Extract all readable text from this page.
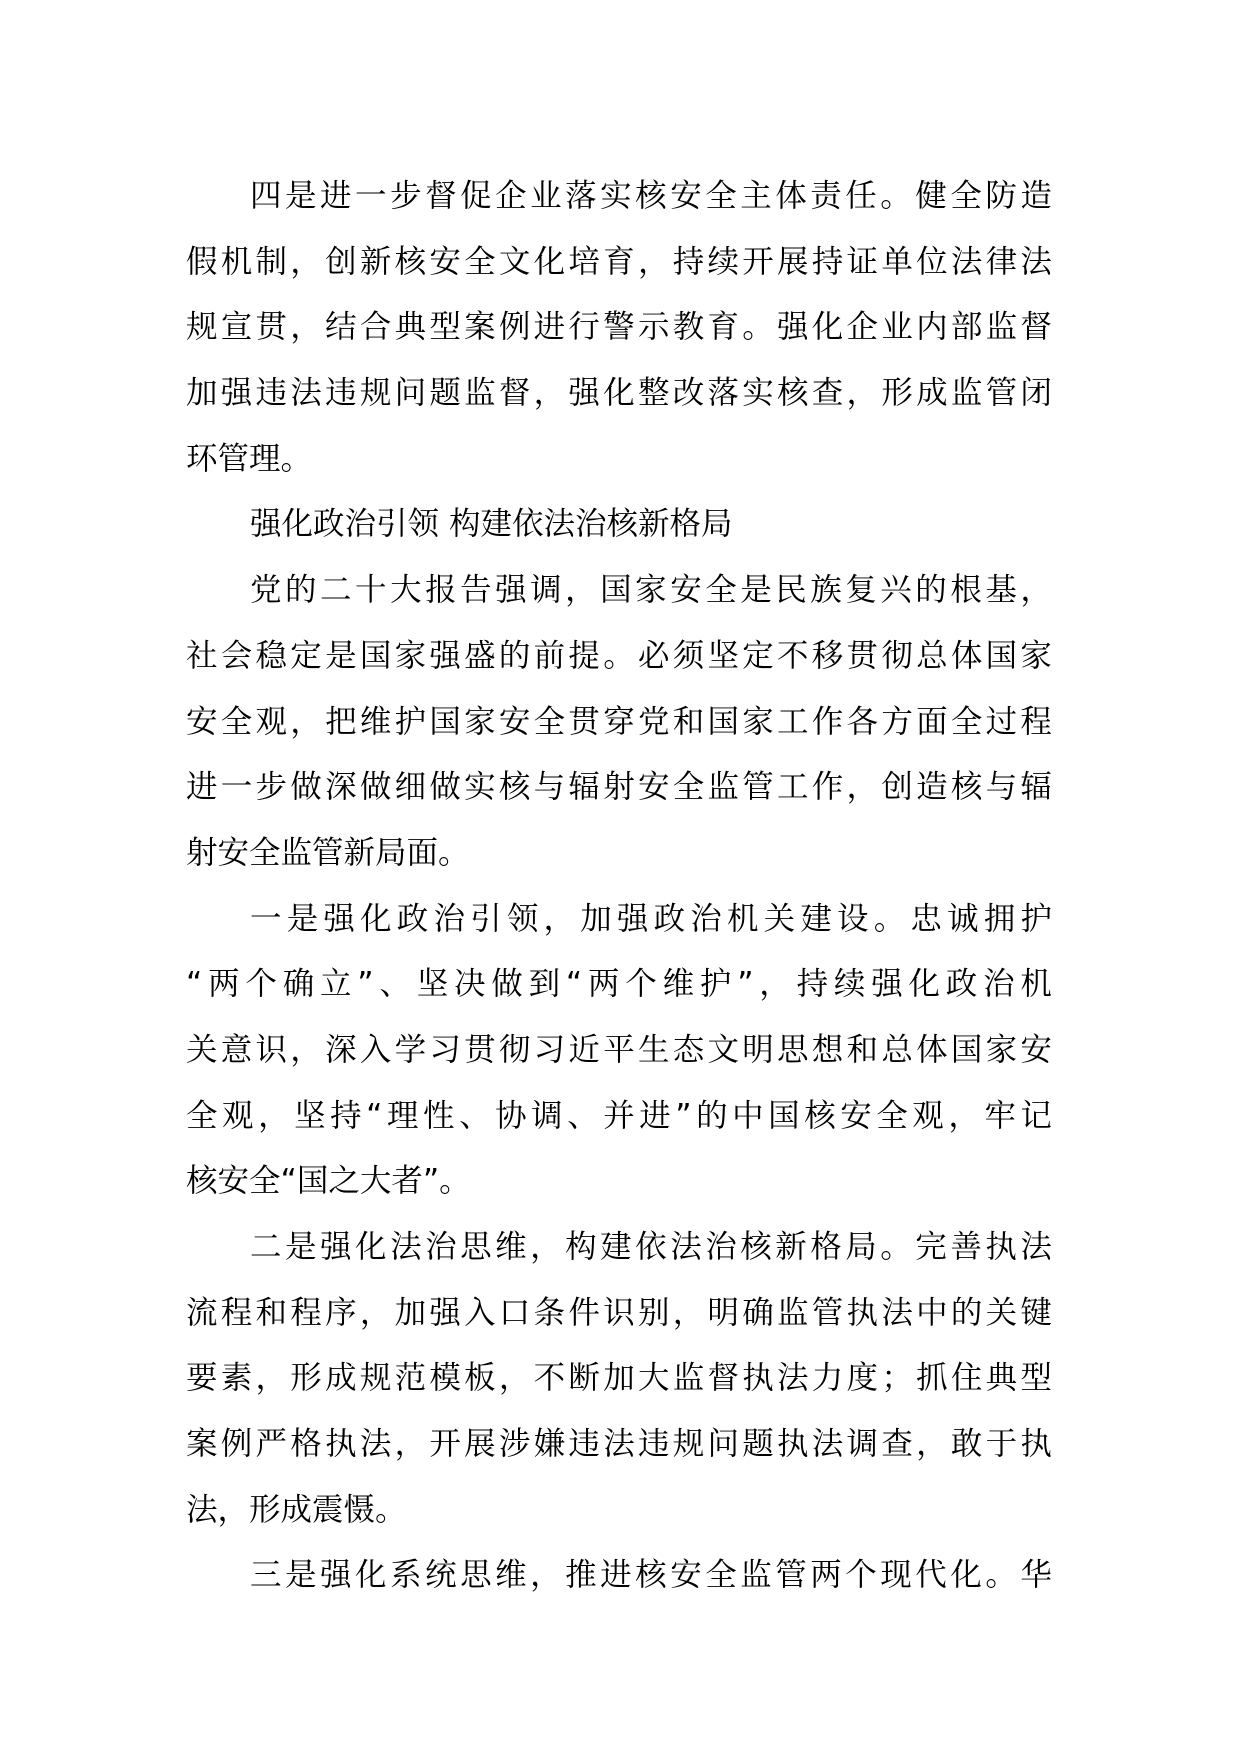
四 是 进 一 步 督 促 企 业 落 实 核 安 全 主 体 责 任 。 健 全 防 造
假 机 制 ， 创 新 核 安 全 文 化 培 育 ， 持 续 开 展 持 证 单 位 法 律 法
规 宣 贯 ， 结 合 典 型 案 例 进 行 警 示 教 育 。 强 化 企 业 内 部 监 督
加 强 违 法 违 规 问 题 监 督 ， 强 化 整 改 落 实 核 查 ， 形 成 监 管 闭
环管理。
强化政治引领 构建依法治核新格局
党 的 二 十 大 报 告 强 调 ， 国 家 安 全 是 民 族 复 兴 的 根 基 ，
社 会 稳 定 是 国 家 强 盛 的 前 提 。 必 须 坚 定 不 移 贯 彻 总 体 国 家
安 全 观 ， 把 维 护 国 家 安 全 贯 穿 党 和 国 家 工 作 各 方 面 全 过 程
进 一 步 做 深 做 细 做 实 核 与 辐 射 安 全 监 管 工 作 ， 创 造 核 与 辐
射安全监管新局面。
一 是 强 化 政 治 引 领 ， 加 强 政 治 机 关 建 设 。 忠 诚 拥 护
“ 两 个 确 立 ” 、 坚 决 做 到 “ 两 个 维 护 ” ， 持 续 强 化 政 治 机
关 意 识 ， 深 入 学 习 贯 彻 习 近 平 生 态 文 明 思 想 和 总 体 国 家 安
全 观 ， 坚 持 “ 理 性 、 协 调 、 并 进 ” 的 中 国 核 安 全 观 ， 牢 记
核安全“国之大者”。
二 是 强 化 法 治 思 维 ， 构 建 依 法 治 核 新 格 局 。 完 善 执 法
流 程 和 程 序 ， 加 强 入 口 条 件 识 别 ， 明 确 监 管 执 法 中 的 关 键
要 素 ， 形 成 规 范 模 板 ， 不 断 加 大 监 督 执 法 力 度 ； 抓 住 典 型
案 例 严 格 执 法 ， 开 展 涉 嫌 违 法 违 规 问 题 执 法 调 查 ， 敢 于 执
法，形成震慑。
三 是 强 化 系 统 思 维 ， 推 进 核 安 全 监 管 两 个 现 代 化 。 华
